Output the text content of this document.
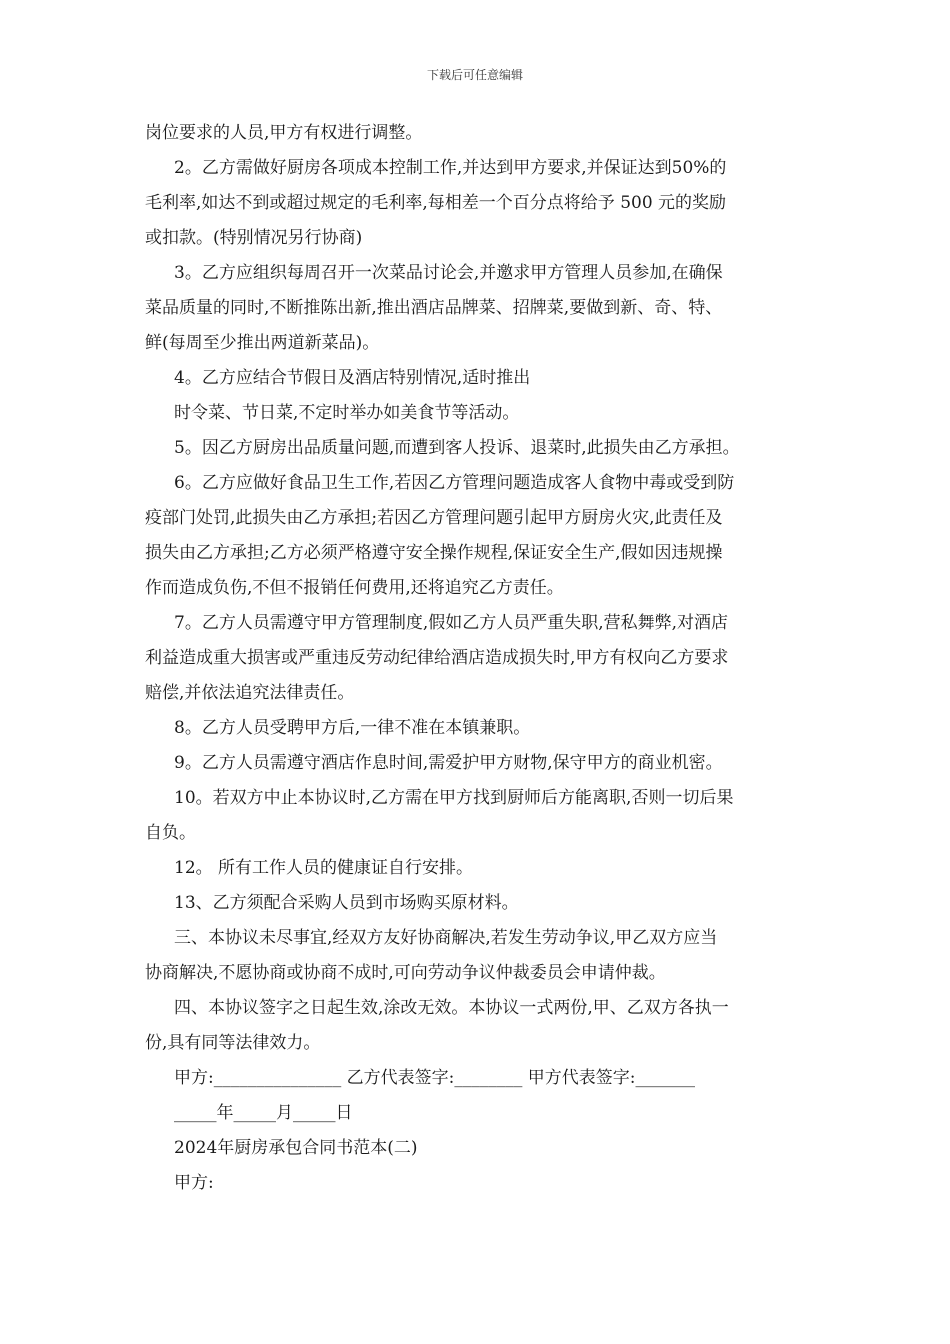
下载后可任意编辑
岗位要求的人员,甲方有权进行调整。
2。乙方需做好厨房各项成本控制工作,并达到甲方要求,并保证达到50%的
毛利率,如达不到或超过规定的毛利率,每相差一个百分点将给予 500 元的奖励
或扣款。(特别情况另行协商)
3。乙方应组织每周召开一次菜品讨论会,并邀求甲方管理人员参加,在确保
菜品质量的同时,不断推陈出新,推出酒店品牌菜、招牌菜,要做到新、奇、特、
鲜(每周至少推出两道新菜品)。
4。乙方应结合节假日及酒店特别情况,适时推出
时令菜、节日菜,不定时举办如美食节等活动。
5。因乙方厨房出品质量问题,而遭到客人投诉、退菜时,此损失由乙方承担。
6。乙方应做好食品卫生工作,若因乙方管理问题造成客人食物中毒或受到防
疫部门处罚,此损失由乙方承担;若因乙方管理问题引起甲方厨房火灾,此责任及
损失由乙方承担;乙方必须严格遵守安全操作规程,保证安全生产,假如因违规操
作而造成负伤,不但不报销任何费用,还将追究乙方责任。
7。乙方人员需遵守甲方管理制度,假如乙方人员严重失职,营私舞弊,对酒店
利益造成重大损害或严重违反劳动纪律给酒店造成损失时,甲方有权向乙方要求
赔偿,并依法追究法律责任。
8。乙方人员受聘甲方后,一律不准在本镇兼职。
9。乙方人员需遵守酒店作息时间,需爱护甲方财物,保守甲方的商业机密。
10。若双方中止本协议时,乙方需在甲方找到厨师后方能离职,否则一切后果
自负。
12。 所有工作人员的健康证自行安排。
13、乙方须配合采购人员到市场购买原材料。
三、本协议未尽事宜,经双方友好协商解决,若发生劳动争议,甲乙双方应当
协商解决,不愿协商或协商不成时,可向劳动争议仲裁委员会申请仲裁。
四、本协议签字之日起生效,涂改无效。本协议一式两份,甲、乙双方各执一
份,具有同等法律效力。
甲方:_______________ 乙方代表签字:________ 甲方代表签字:_______
_____年_____月_____日
2024年厨房承包合同书范本(二)
甲方:
